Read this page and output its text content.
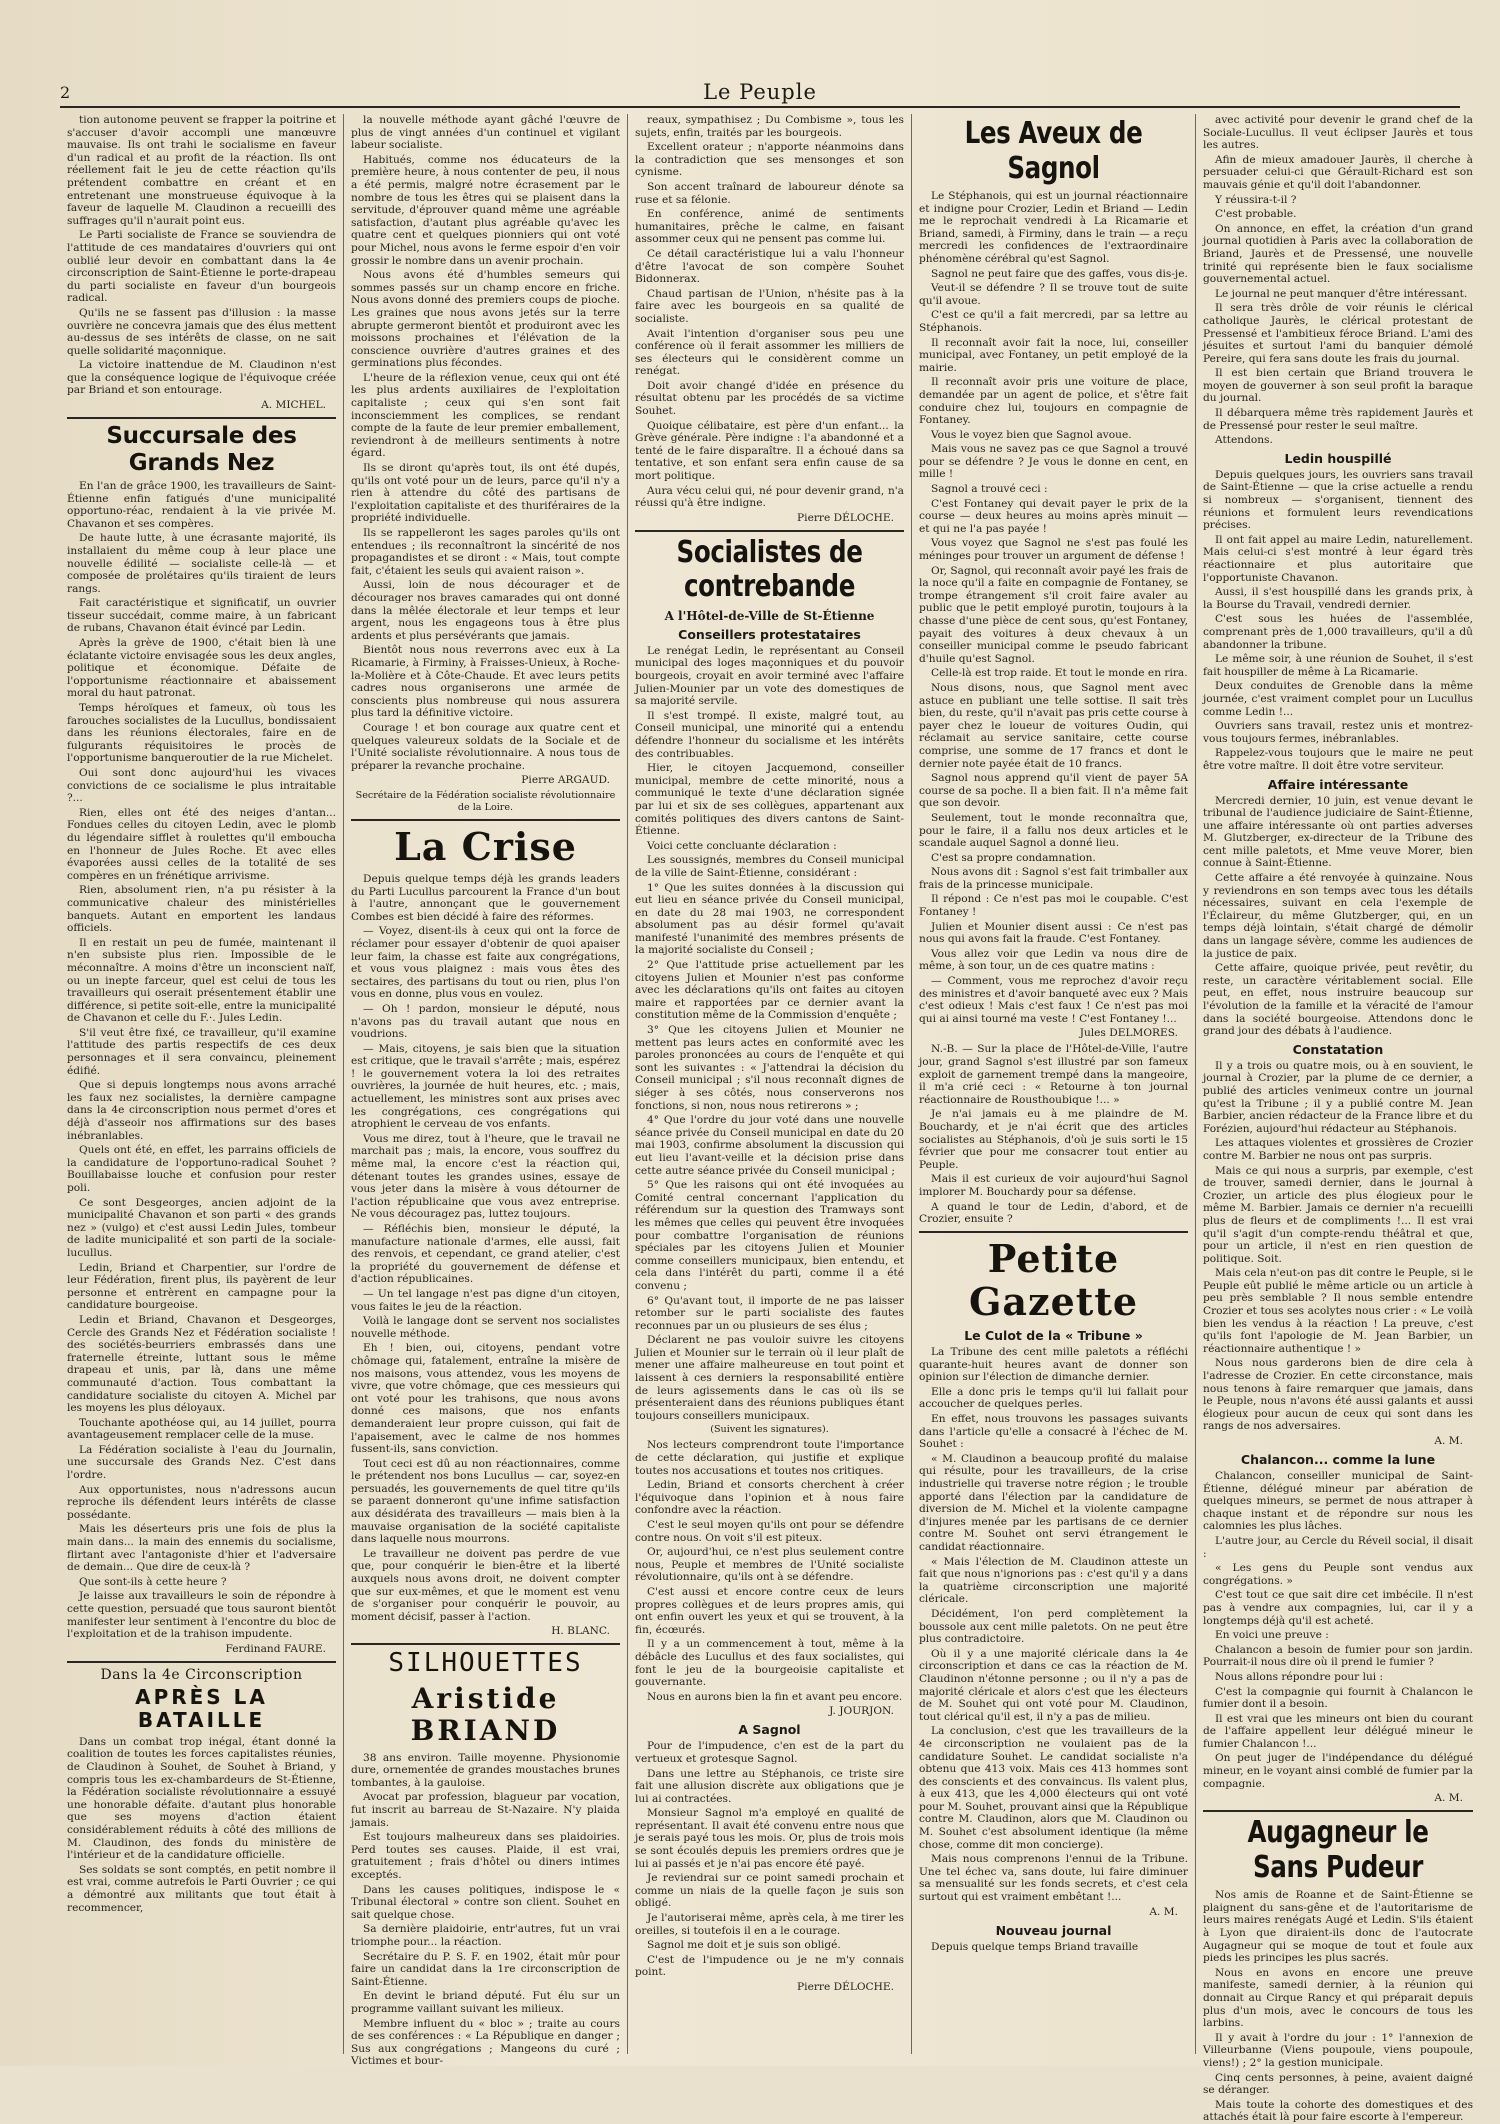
2	Le Peuple

tion autonome peuvent se frapper la poitrine et s'accuser d'avoir accompli une manœuvre mauvaise. Ils ont trahi le socialisme en faveur d'un radical et au profit de la réaction. Ils ont réellement fait le jeu de cette réaction qu'ils prétendent combattre en créant et en entretenant une monstrueuse équivoque à la faveur de laquelle M. Claudinon a recueilli des suffrages qu'il n'aurait point eus.

Le Parti socialiste de France se souviendra de l'attitude de ces mandataires d'ouvriers qui ont oublié leur devoir en combattant dans la 4e circonscription de Saint-Étienne le porte-drapeau du parti socialiste en faveur d'un bourgeois radical.

Qu'ils ne se fassent pas d'illusion : la masse ouvrière ne concevra jamais que des élus mettent au-dessus de ses intérêts de classe, on ne sait quelle solidarité maçonnique.

La victoire inattendue de M. Claudinon n'est que la conséquence logique de l'équivoque créée par Briand et son entourage.

A. MICHEL.

Succursale des Grands Nez

En l'an de grâce 1900, les travailleurs de Saint-Étienne enfin fatigués d'une municipalité opportuno-réac, rendaient à la vie privée M. Chavanon et ses compères.

De haute lutte, à une écrasante majorité, ils installaient du même coup à leur place une nouvelle édilité — socialiste celle-là — et composée de prolétaires qu'ils tiraient de leurs rangs.

Fait caractéristique et significatif, un ouvrier tisseur succédait, comme maire, à un fabricant de rubans, Chavanon était évincé par Ledin.

Après la grève de 1900, c'était bien là une éclatante victoire envisagée sous les deux angles, politique et économique. Défaite de l'opportunisme réactionnaire et abaissement moral du haut patronat.

Temps héroïques et fameux, où tous les farouches socialistes de la Lucullus, bondissaient dans les réunions électorales, faire en de fulgurants réquisitoires le procès de l'opportunisme banqueroutier de la rue Michelet.

Oui sont donc aujourd'hui les vivaces convictions de ce socialisme le plus intraitable ?...

Rien, elles ont été des neiges d'antan... Fondues celles du citoyen Ledin, avec le plomb du légendaire sifflet à roulettes qu'il emboucha en l'honneur de Jules Roche. Et avec elles évaporées aussi celles de la totalité de ses compères en un frénétique arrivisme.

Rien, absolument rien, n'a pu résister à la communicative chaleur des ministérielles banquets. Autant en emportent les landaus officiels.

Il en restait un peu de fumée, maintenant il n'en subsiste plus rien. Impossible de le méconnaître. A moins d'être un inconscient naïf, ou un inepte farceur, quel est celui de tous les travailleurs qui oserait présentement établir une différence, si petite soit-elle, entre la municipalité de Chavanon et celle du F.·. Jules Ledin.

S'il veut être fixé, ce travailleur, qu'il examine l'attitude des partis respectifs de ces deux personnages et il sera convaincu, pleinement édifié.

Que si depuis longtemps nous avons arraché les faux nez socialistes, la dernière campagne dans la 4e circonscription nous permet d'ores et déjà d'asseoir nos affirmations sur des bases inébranlables.

Quels ont été, en effet, les parrains officiels de la candidature de l'opportuno-radical Souhet ? Bouillabaisse louche et confusion pour rester poli.

Ce sont Desgeorges, ancien adjoint de la municipalité Chavanon et son parti « des grands nez » (vulgo) et c'est aussi Ledin Jules, tombeur de ladite municipalité et son parti de la sociale-lucullus.

Ledin, Briand et Charpentier, sur l'ordre de leur Fédération, firent plus, ils payèrent de leur personne et entrèrent en campagne pour la candidature bourgeoise.

Ledin et Briand, Chavanon et Desgeorges, Cercle des Grands Nez et Fédération socialiste ! des sociétés-beurriers embrassés dans une fraternelle étreinte, luttant sous le même drapeau et unis, par là, dans une même communauté d'action. Tous combattant la candidature socialiste du citoyen A. Michel par les moyens les plus déloyaux.

Touchante apothéose qui, au 14 juillet, pourra avantageusement remplacer celle de la muse.

La Fédération socialiste à l'eau du Journalin, une succursale des Grands Nez. C'est dans l'ordre.

Aux opportunistes, nous n'adressons aucun reproche ils défendent leurs intérêts de classe possédante.

Mais les déserteurs pris une fois de plus la main dans... la main des ennemis du socialisme, flirtant avec l'antagoniste d'hier et l'adversaire de demain... Que dire de ceux-là ?

Que sont-ils à cette heure ?

Je laisse aux travailleurs le soin de répondre à cette question, persuadé que tous sauront bientôt manifester leur sentiment à l'encontre du bloc de l'exploitation et de la trahison impudente.

Ferdinand FAURE.

Dans la 4e Circonscription
APRÈS LA BATAILLE

Dans un combat trop inégal, étant donné la coalition de toutes les forces capitalistes réunies, de Claudinon à Souhet, de Souhet à Briand, y compris tous les ex-chambardeurs de St-Étienne, la Fédération socialiste révolutionnaire a essuyé une honorable défaite. d'autant plus honorable que ses moyens d'action étaient considérablement réduits à côté des millions de M. Claudinon, des fonds du ministère de l'intérieur et de la candidature officielle.

Ses soldats se sont comptés, en petit nombre il est vrai, comme autrefois le Parti Ouvrier ; ce qui a démontré aux militants que tout était à recommencer,

la nouvelle méthode ayant gâché l'œuvre de plus de vingt années d'un continuel et vigilant labeur socialiste.

Habitués, comme nos éducateurs de la première heure, à nous contenter de peu, il nous a été permis, malgré notre écrasement par le nombre de tous les êtres qui se plaisent dans la servitude, d'éprouver quand même une agréable satisfaction, d'autant plus agréable qu'avec les quatre cent et quelques pionniers qui ont voté pour Michel, nous avons le ferme espoir d'en voir grossir le nombre dans un avenir prochain.

Nous avons été d'humbles semeurs qui sommes passés sur un champ encore en friche. Nous avons donné des premiers coups de pioche. Les graines que nous avons jetés sur la terre abrupte germeront bientôt et produiront avec les moissons prochaines et l'élévation de la conscience ouvrière d'autres graines et des germinations plus fécondes.

L'heure de la réflexion venue, ceux qui ont été les plus ardents auxiliaires de l'exploitation capitaliste ; ceux qui s'en sont fait inconsciemment les complices, se rendant compte de la faute de leur premier emballement, reviendront à de meilleurs sentiments à notre égard.

Ils se diront qu'après tout, ils ont été dupés, qu'ils ont voté pour un de leurs, parce qu'il n'y a rien à attendre du côté des partisans de l'exploitation capitaliste et des thuriféraires de la propriété individuelle.

Ils se rappelleront les sages paroles qu'ils ont entendues ; ils reconnaîtront la sincérité de nos propagandistes et se diront : « Mais, tout compte fait, c'étaient les seuls qui avaient raison ».

Aussi, loin de nous décourager et de décourager nos braves camarades qui ont donné dans la mêlée électorale et leur temps et leur argent, nous les engageons tous à être plus ardents et plus persévérants que jamais.

Bientôt nous nous reverrons avec eux à La Ricamarie, à Firminy, à Fraisses-Unieux, à Roche-la-Molière et à Côte-Chaude. Et avec leurs petits cadres nous organiserons une armée de conscients plus nombreuse qui nous assurera plus tard la définitive victoire.

Courage ! et bon courage aux quatre cent et quelques valeureux soldats de la Sociale et de l'Unité socialiste révolutionnaire. A nous tous de préparer la revanche prochaine.

Pierre ARGAUD.

Secrétaire de la Fédération socialiste révolutionnaire de la Loire.

La Crise

Depuis quelque temps déjà les grands leaders du Parti Lucullus parcourent la France d'un bout à l'autre, annonçant que le gouvernement Combes est bien décidé à faire des réformes.

— Voyez, disent-ils à ceux qui ont la force de réclamer pour essayer d'obtenir de quoi apaiser leur faim, la chasse est faite aux congrégations, et vous vous plaignez : mais vous êtes des sectaires, des partisans du tout ou rien, plus l'on vous en donne, plus vous en voulez.

— Oh ! pardon, monsieur le député, nous n'avons pas du travail autant que nous en voudrions.

— Mais, citoyens, je sais bien que la situation est critique, que le travail s'arrête ; mais, espérez ! le gouvernement votera la loi des retraites ouvrières, la journée de huit heures, etc. ; mais, actuellement, les ministres sont aux prises avec les congrégations, ces congrégations qui atrophient le cerveau de vos enfants.

Vous me direz, tout à l'heure, que le travail ne marchait pas ; mais, la encore, vous souffrez du même mal, la encore c'est la réaction qui, détenant toutes les grandes usines, essaye de vous jeter dans la misère à vous détourner de l'action républicaine que vous avez entreprise. Ne vous découragez pas, luttez toujours.

— Réfléchis bien, monsieur le député, la manufacture nationale d'armes, elle aussi, fait des renvois, et cependant, ce grand atelier, c'est la propriété du gouvernement de défense et d'action républicaines.

— Un tel langage n'est pas digne d'un citoyen, vous faites le jeu de la réaction.

Voilà le langage dont se servent nos socialistes nouvelle méthode.

Eh ! bien, oui, citoyens, pendant votre chômage qui, fatalement, entraîne la misère de nos maisons, vous attendez, vous les moyens de vivre, que votre chômage, que ces messieurs qui ont voté pour les trahisons, que nous avons donné ces maisons, que nos enfants demanderaient leur propre cuisson, qui fait de l'apaisement, avec le calme de nos hommes fussent-ils, sans conviction.

Tout ceci est dû au non réactionnaires, comme le prétendent nos bons Lucullus — car, soyez-en persuadés, les gouvernements de quel titre qu'ils se paraent donneront qu'une infime satisfaction aux désidérata des travailleurs — mais bien à la mauvaise organisation de la société capitaliste dans laquelle nous mourrons.

Le travailleur ne doivent pas perdre de vue que, pour conquérir le bien-être et la liberté auxquels nous avons droit, ne doivent compter que sur eux-mêmes, et que le moment est venu de s'organiser pour conquérir le pouvoir, au moment décisif, passer à l'action.

H. BLANC.

SILHOUETTES
Aristide BRIAND

38 ans environ. Taille moyenne. Physionomie dure, ornementée de grandes moustaches brunes tombantes, à la gauloise.

Avocat par profession, blagueur par vocation, fut inscrit au barreau de St-Nazaire. N'y plaida jamais.

Est toujours malheureux dans ses plaidoiries. Perd toutes ses causes. Plaide, il est vrai, gratuitement ; frais d'hôtel ou diners intimes exceptés.

Dans les causes politiques, indispose le « Tribunal électoral » contre son client. Souhet en sait quelque chose.

Sa dernière plaidoirie, entr'autres, fut un vrai triomphe pour... la réaction.

Secrétaire du P. S. F. en 1902, était mûr pour faire un candidat dans la 1re circonscription de Saint-Étienne.

En devint le briand député. Fut élu sur un programme vaillant suivant les milieux.

Membre influent du « bloc » ; traite au cours de ses conférences : « La République en danger ; Sus aux congrégations ; Mangeons du curé ; Victimes et bour-

reaux, sympathisez ; Du Combisme », tous les sujets, enfin, traités par les bourgeois.

Excellent orateur ; n'apporte néanmoins dans la contradiction que ses mensonges et son cynisme.

Son accent traînard de laboureur dénote sa ruse et sa félonie.

En conférence, animé de sentiments humanitaires, prêche le calme, en faisant assommer ceux qui ne pensent pas comme lui.

Ce détail caractéristique lui a valu l'honneur d'être l'avocat de son compère Souhet Bidonnerax.

Chaud partisan de l'Union, n'hésite pas à la faire avec les bourgeois en sa qualité de socialiste.

Avait l'intention d'organiser sous peu une conférence où il ferait assommer les milliers de ses électeurs qui le considèrent comme un renégat.

Doit avoir changé d'idée en présence du résultat obtenu par les procédés de sa victime Souhet.

Quoique célibataire, est père d'un enfant... la Grève générale. Père indigne : l'a abandonné et a tenté de le faire disparaître. Il a échoué dans sa tentative, et son enfant sera enfin cause de sa mort politique.

Aura vécu celui qui, né pour devenir grand, n'a réussi qu'à être indigne.

Pierre DÉLOCHE.

Socialistes de contrebande
A l'Hôtel-de-Ville de St-Étienne
Conseillers protestataires

Le renégat Ledin, le représentant au Conseil municipal des loges maçonniques et du pouvoir bourgeois, croyait en avoir terminé avec l'affaire Julien-Mounier par un vote des domestiques de sa majorité servile.

Il s'est trompé. Il existe, malgré tout, au Conseil municipal, une minorité qui a entendu défendre l'honneur du socialisme et les intérêts des contribuables.

Hier, le citoyen Jacquemond, conseiller municipal, membre de cette minorité, nous a communiqué le texte d'une déclaration signée par lui et six de ses collègues, appartenant aux comités politiques des divers cantons de Saint-Étienne.

Voici cette concluante déclaration :

Les soussignés, membres du Conseil municipal de la ville de Saint-Étienne, considérant :

1° Que les suites données à la discussion qui eut lieu en séance privée du Conseil municipal, en date du 28 mai 1903, ne correspondent absolument pas au désir formel qu'avait manifesté l'unanimité des membres présents de la majorité socialiste du Conseil ;

2° Que l'attitude prise actuellement par les citoyens Julien et Mounier n'est pas conforme avec les déclarations qu'ils ont faites au citoyen maire et rapportées par ce dernier avant la constitution même de la Commission d'enquête ;

3° Que les citoyens Julien et Mounier ne mettent pas leurs actes en conformité avec les paroles prononcées au cours de l'enquête et qui sont les suivantes : « J'attendrai la décision du Conseil municipal ; s'il nous reconnaît dignes de siéger à ses côtés, nous conserverons nos fonctions, si non, nous nous retirerons » ;

4° Que l'ordre du jour voté dans une nouvelle séance privée du Conseil municipal en date du 20 mai 1903, confirme absolument la discussion qui eut lieu l'avant-veille et la décision prise dans cette autre séance privée du Conseil municipal ;

5° Que les raisons qui ont été invoquées au Comité central concernant l'application du référendum sur la question des Tramways sont les mêmes que celles qui peuvent être invoquées pour combattre l'organisation de réunions spéciales par les citoyens Julien et Mounier comme conseillers municipaux, bien entendu, et cela dans l'intérêt du parti, comme il a été convenu ;

6° Qu'avant tout, il importe de ne pas laisser retomber sur le parti socialiste des fautes reconnues par un ou plusieurs de ses élus ;

Déclarent ne pas vouloir suivre les citoyens Julien et Mounier sur le terrain où il leur plaît de mener une affaire malheureuse en tout point et laissent à ces derniers la responsabilité entière de leurs agissements dans le cas où ils se présenteraient dans des réunions publiques étant toujours conseillers municipaux.

(Suivent les signatures).

Nos lecteurs comprendront toute l'importance de cette déclaration, qui justifie et explique toutes nos accusations et toutes nos critiques.

Ledin, Briand et consorts cherchent à créer l'équivoque dans l'opinion et à nous faire confondre avec la réaction.

C'est le seul moyen qu'ils ont pour se défendre contre nous. On voit s'il est piteux.

Or, aujourd'hui, ce n'est plus seulement contre nous, Peuple et membres de l'Unité socialiste révolutionnaire, qu'ils ont à se défendre.

C'est aussi et encore contre ceux de leurs propres collègues et de leurs propres amis, qui ont enfin ouvert les yeux et qui se trouvent, à la fin, écœurés.

Il y a un commencement à tout, même à la débâcle des Lucullus et des faux socialistes, qui font le jeu de la bourgeoisie capitaliste et gouvernante.

Nous en aurons bien la fin et avant peu encore.

J. JOURJON.

A Sagnol

Pour de l'impudence, c'en est de la part du vertueux et grotesque Sagnol.

Dans une lettre au Stéphanois, ce triste sire fait une allusion discrète aux obligations que je lui ai contractées.

Monsieur Sagnol m'a employé en qualité de représentant. Il avait été convenu entre nous que je serais payé tous les mois. Or, plus de trois mois se sont écoulés depuis les premiers ordres que je lui ai passés et je n'ai pas encore été payé.

Je reviendrai sur ce point samedi prochain et comme un niais de la quelle façon je suis son obligé.

Je l'autoriserai même, après cela, à me tirer les oreilles, si toutefois il en a le courage.

Sagnol me doit et je suis son obligé.

C'est de l'impudence ou je ne m'y connais point.

Pierre DÉLOCHE.

Les Aveux de Sagnol

Le Stéphanois, qui est un journal réactionnaire et indigne pour Crozier, Ledin et Briand — Ledin me le reprochait vendredi à La Ricamarie et Briand, samedi, à Firminy, dans le train — a reçu mercredi les confidences de l'extraordinaire phénomène cérébral qu'est Sagnol.

Sagnol ne peut faire que des gaffes, vous dis-je.

Veut-il se défendre ? Il se trouve tout de suite qu'il avoue.

C'est ce qu'il a fait mercredi, par sa lettre au Stéphanois.

Il reconnaît avoir fait la noce, lui, conseiller municipal, avec Fontaney, un petit employé de la mairie.

Il reconnaît avoir pris une voiture de place, demandée par un agent de police, et s'être fait conduire chez lui, toujours en compagnie de Fontaney.

Vous le voyez bien que Sagnol avoue.

Mais vous ne savez pas ce que Sagnol a trouvé pour se défendre ? Je vous le donne en cent, en mille !

Sagnol a trouvé ceci :

C'est Fontaney qui devait payer le prix de la course — deux heures au moins après minuit — et qui ne l'a pas payée !

Vous voyez que Sagnol ne s'est pas foulé les méninges pour trouver un argument de défense !

Or, Sagnol, qui reconnaît avoir payé les frais de la noce qu'il a faite en compagnie de Fontaney, se trompe étrangement s'il croit faire avaler au public que le petit employé purotin, toujours à la chasse d'une pièce de cent sous, qu'est Fontaney, payait des voitures à deux chevaux à un conseiller municipal comme le pseudo fabricant d'huile qu'est Sagnol.

Celle-là est trop raide. Et tout le monde en rira.

Nous disons, nous, que Sagnol ment avec astuce en publiant une telle sottise. Il sait très bien, du reste, qu'il n'avait pas pris cette course à payer chez le loueur de voitures Oudin, qui réclamait au service sanitaire, cette course comprise, une somme de 17 francs et dont le dernier note payée était de 10 francs.

Sagnol nous apprend qu'il vient de payer 5A course de sa poche. Il a bien fait. Il n'a même fait que son devoir.

Seulement, tout le monde reconnaîtra que, pour le faire, il a fallu nos deux articles et le scandale auquel Sagnol a donné lieu.

C'est sa propre condamnation.

Nous avons dit : Sagnol s'est fait trimballer aux frais de la princesse municipale.

Il répond : Ce n'est pas moi le coupable. C'est Fontaney !

Julien et Mounier disent aussi : Ce n'est pas nous qui avons fait la fraude. C'est Fontaney.

Vous allez voir que Ledin va nous dire de même, à son tour, un de ces quatre matins :

— Comment, vous me reprochez d'avoir reçu des ministres et d'avoir banqueté avec eux ? Mais c'est odieux ! Mais c'est faux ! Ce n'est pas moi qui ai ainsi tourné ma veste ! C'est Fontaney !...

Jules DELMORES.

N.-B. — Sur la place de l'Hôtel-de-Ville, l'autre jour, grand Sagnol s'est illustré par son fameux exploit de garnement trempé dans la mangeoire, il m'a crié ceci : « Retourne à ton journal réactionnaire de Rousthoubique !... »

Je n'ai jamais eu à me plaindre de M. Bouchardy, et je n'ai écrit que des articles socialistes au Stéphanois, d'où je suis sorti le 15 février que pour me consacrer tout entier au Peuple.

Mais il est curieux de voir aujourd'hui Sagnol implorer M. Bouchardy pour sa défense.

A quand le tour de Ledin, d'abord, et de Crozier, ensuite ?

Petite Gazette
Le Culot de la « Tribune »

La Tribune des cent mille paletots a réfléchi quarante-huit heures avant de donner son opinion sur l'élection de dimanche dernier.

Elle a donc pris le temps qu'il lui fallait pour accoucher de quelques perles.

En effet, nous trouvons les passages suivants dans l'article qu'elle a consacré à l'échec de M. Souhet :

« M. Claudinon a beaucoup profité du malaise qui résulte, pour les travailleurs, de la crise industrielle qui traverse notre région ; le trouble apporté dans l'élection par la candidature de diversion de M. Michel et la violente campagne d'injures menée par les partisans de ce dernier contre M. Souhet ont servi étrangement le candidat réactionnaire.

« Mais l'élection de M. Claudinon atteste un fait que nous n'ignorions pas : c'est qu'il y a dans la quatrième circonscription une majorité cléricale.

Décidément, l'on perd complètement la boussole aux cent mille paletots. On ne peut être plus contradictoire.

Où il y a une majorité cléricale dans la 4e circonscription et dans ce cas la réaction de M. Claudinon n'étonne personne ; ou il n'y a pas de majorité cléricale et alors c'est que les électeurs de M. Souhet qui ont voté pour M. Claudinon, tout clérical qu'il est, il n'y a pas de milieu.

La conclusion, c'est que les travailleurs de la 4e circonscription ne voulaient pas de la candidature Souhet. Le candidat socialiste n'a obtenu que 413 voix. Mais ces 413 hommes sont des conscients et des convaincus. Ils valent plus, à eux 413, que les 4,000 électeurs qui ont voté pour M. Souhet, prouvant ainsi que la République contre M. Claudinon, alors que M. Claudinon ou M. Souhet c'est absolument identique (la même chose, comme dit mon concierge).

Mais nous comprenons l'ennui de la Tribune. Une tel échec va, sans doute, lui faire diminuer sa mensualité sur les fonds secrets, et c'est cela surtout qui est vraiment embêtant !...

A. M.

Nouveau journal

Depuis quelque temps Briand travaille

avec activité pour devenir le grand chef de la Sociale-Lucullus. Il veut éclipser Jaurès et tous les autres.

Afin de mieux amadouer Jaurès, il cherche à persuader celui-ci que Gérault-Richard est son mauvais génie et qu'il doit l'abandonner.

Y réussira-t-il ?

C'est probable.

On annonce, en effet, la création d'un grand journal quotidien à Paris avec la collaboration de Briand, Jaurès et de Pressensé, une nouvelle trinité qui représente bien le faux socialisme gouvernemental actuel.

Le journal ne peut manquer d'être intéressant.

Il sera très drôle de voir réunis le clérical catholique Jaurès, le clérical protestant de Pressensé et l'ambitieux féroce Briand. L'ami des jésuites et surtout l'ami du banquier démolé Pereire, qui fera sans doute les frais du journal.

Il est bien certain que Briand trouvera le moyen de gouverner à son seul profit la baraque du journal.

Il débarquera même très rapidement Jaurès et de Pressensé pour rester le seul maître.

Attendons.

Ledin houspillé

Depuis quelques jours, les ouvriers sans travail de Saint-Étienne — que la crise actuelle a rendu si nombreux — s'organisent, tiennent des réunions et formulent leurs revendications précises.

Il ont fait appel au maire Ledin, naturellement. Mais celui-ci s'est montré à leur égard très réactionnaire et plus autoritaire que l'opportuniste Chavanon.

Aussi, il s'est houspillé dans les grands prix, à la Bourse du Travail, vendredi dernier.

C'est sous les huées de l'assemblée, comprenant près de 1,000 travailleurs, qu'il a dû abandonner la tribune.

Le même soir, à une réunion de Souhet, il s'est fait houspiller de même à La Ricamarie.

Deux conduites de Grenoble dans la même journée, c'est vraiment complet pour un Lucullus comme Ledin !...

Ouvriers sans travail, restez unis et montrez-vous toujours fermes, inébranlables.

Rappelez-vous toujours que le maire ne peut être votre maître. Il doit être votre serviteur.

Affaire intéressante

Mercredi dernier, 10 juin, est venue devant le tribunal de l'audience judiciaire de Saint-Étienne, une affaire intéressante où ont parties adverses M. Glutzberger, ex-directeur de la Tribune des cent mille paletots, et Mme veuve Morer, bien connue à Saint-Étienne.

Cette affaire a été renvoyée à quinzaine. Nous y reviendrons en son temps avec tous les détails nécessaires, suivant en cela l'exemple de l'Éclaireur, du même Glutzberger, qui, en un temps déjà lointain, s'était chargé de démolir dans un langage sévère, comme les audiences de la justice de paix.

Cette affaire, quoique privée, peut revêtir, du reste, un caractère véritablement social. Elle peut, en effet, nous instruire beaucoup sur l'évolution de la famille et la véracité de l'amour dans la société bourgeoise. Attendons donc le grand jour des débats à l'audience.

Constatation

Il y a trois ou quatre mois, ou à en souvient, le journal à Crozier, par la plume de ce dernier, a publié des articles venimeux contre un journal qu'est la Tribune ; il y a publié contre M. Jean Barbier, ancien rédacteur de la France libre et du Forézien, aujourd'hui rédacteur au Stéphanois.

Les attaques violentes et grossières de Crozier contre M. Barbier ne nous ont pas surpris.

Mais ce qui nous a surpris, par exemple, c'est de trouver, samedi dernier, dans le journal à Crozier, un article des plus élogieux pour le même M. Barbier. Jamais ce dernier n'a recueilli plus de fleurs et de compliments !... Il est vrai qu'il s'agit d'un compte-rendu théâtral et que, pour un article, il n'est en rien question de politique. Soit.

Mais cela n'eut-on pas dit contre le Peuple, si le Peuple eût publié le même article ou un article à peu près semblable ? Il nous semble entendre Crozier et tous ses acolytes nous crier : « Le voilà bien les vendus à la réaction ! La preuve, c'est qu'ils font l'apologie de M. Jean Barbier, un réactionnaire authentique ! »

Nous nous garderons bien de dire cela à l'adresse de Crozier. En cette circonstance, mais nous tenons à faire remarquer que jamais, dans le Peuple, nous n'avons été aussi galants et aussi élogieux pour aucun de ceux qui sont dans les rangs de nos adversaires.

A. M.

Chalancon... comme la lune

Chalancon, conseiller municipal de Saint-Étienne, délégué mineur par abération de quelques mineurs, se permet de nous attraper à chaque instant et de répondre sur nous les calomnies les plus lâches.

L'autre jour, au Cercle du Réveil social, il disait :

« Les gens du Peuple sont vendus aux congrégations. »

C'est tout ce que sait dire cet imbécile. Il n'est pas à vendre aux compagnies, lui, car il y a longtemps déjà qu'il est acheté.

En voici une preuve :

Chalancon a besoin de fumier pour son jardin. Pourrait-il nous dire où il prend le fumier ?

Nous allons répondre pour lui :

C'est la compagnie qui fournit à Chalancon le fumier dont il a besoin.

Il est vrai que les mineurs ont bien du courant de l'affaire appellent leur délégué mineur le fumier Chalancon !...

On peut juger de l'indépendance du délégué mineur, en le voyant ainsi comblé de fumier par la compagnie.

A. M.

Augagneur le Sans Pudeur

Nos amis de Roanne et de Saint-Étienne se plaignent du sans-gêne et de l'autoritarisme de leurs maires renégats Augé et Ledin. S'ils étaient à Lyon que diraient-ils donc de l'autocrate Augagneur qui se moque de tout et foule aux pieds les principes les plus sacrés.

Nous en avons en encore une preuve manifeste, samedi dernier, à la réunion qui donnait au Cirque Rancy et qui préparait depuis plus d'un mois, avec le concours de tous les larbins.

Il y avait à l'ordre du jour : 1° l'annexion de Villeurbanne (Viens poupoule, viens poupoule, viens!) ; 2° la gestion municipale.

Cinq cents personnes, à peine, avaient daigné se déranger.

Mais toute la cohorte des domestiques et des attachés était là pour faire escorte à l'empereur.
